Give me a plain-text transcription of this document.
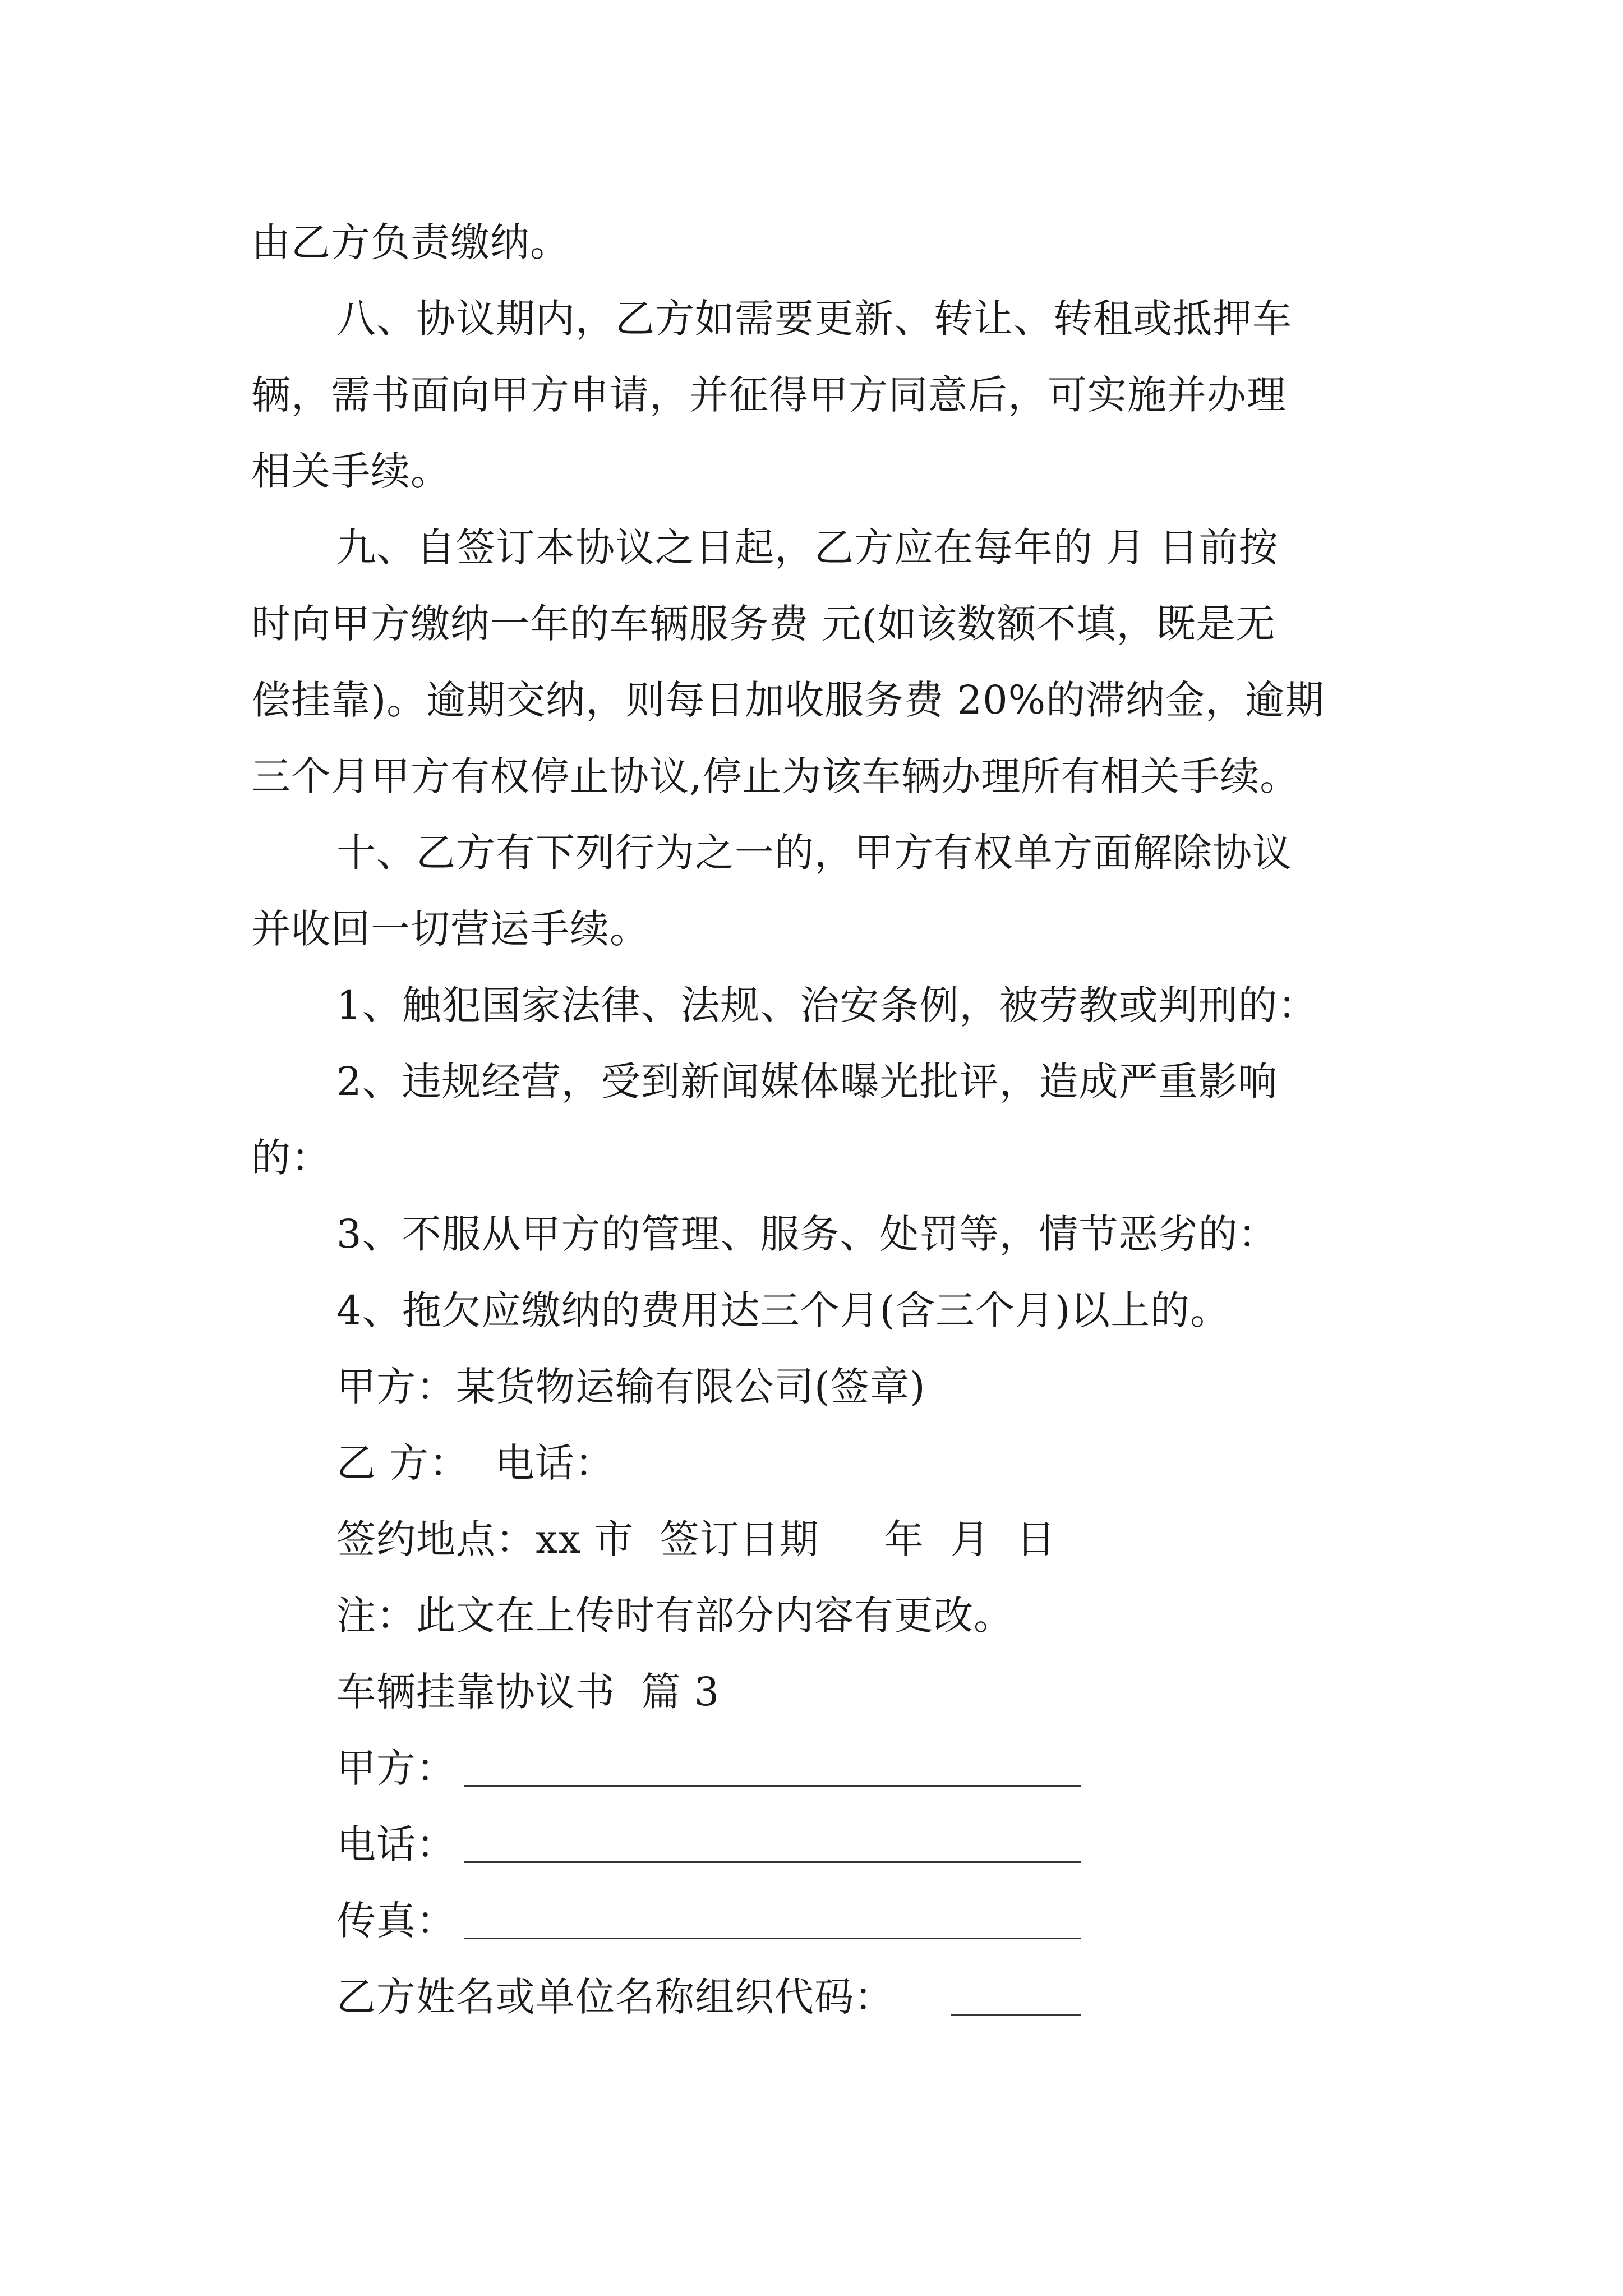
由乙方负责缴纳。
八、协议期内，乙方如需要更新、转让、转租或抵押车
辆，需书面向甲方申请，并征得甲方同意后，可实施并办理
相关手续。
九、自签订本协议之日起，乙方应在每年的 月 日前按
时向甲方缴纳一年的车辆服务费 元(如该数额不填，既是无
偿挂靠)。逾期交纳，则每日加收服务费 20%的滞纳金，逾期
三个月甲方有权停止协议,停止为该车辆办理所有相关手续。
十、乙方有下列行为之一的，甲方有权单方面解除协议
并收回一切营运手续。
1、触犯国家法律、法规、治安条例，被劳教或判刑的：
2、违规经营，受到新闻媒体曝光批评，造成严重影响
的：
3、不服从甲方的管理、服务、处罚等，情节恶劣的：
4、拖欠应缴纳的费用达三个月(含三个月)以上的。
甲方：某货物运输有限公司(签章)
乙 方：  电话：
签约地点：xx 市  签订日期     年  月  日
注：此文在上传时有部分内容有更改。
车辆挂靠协议书  篇 3
甲方：
电话：
传真：
乙方姓名或单位名称组织代码：
